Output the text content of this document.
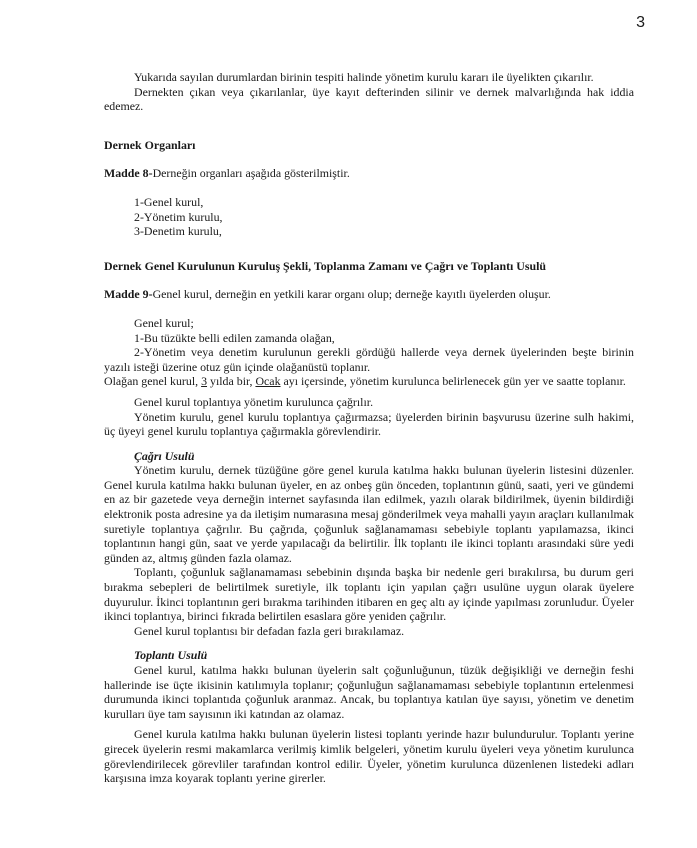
3

Yukarıda sayılan durumlardan birinin tespiti halinde yönetim kurulu kararı ile üyelikten çıkarılır.

Dernekten çıkan veya çıkarılanlar, üye kayıt defterinden silinir ve dernek malvarlığında hak iddia edemez.

Dernek Organları

Madde 8-Derneğin organları aşağıda gösterilmiştir.

1-Genel kurul,
2-Yönetim kurulu,
3-Denetim kurulu,

Dernek Genel Kurulunun Kuruluş Şekli, Toplanma Zamanı ve Çağrı ve Toplantı Usulü

Madde 9-Genel kurul, derneğin en yetkili karar organı olup; derneğe kayıtlı üyelerden oluşur.

Genel kurul;

1-Bu tüzükte belli edilen zamanda olağan,

2-Yönetim veya denetim kurulunun gerekli gördüğü hallerde veya dernek üyelerinden beşte birinin yazılı isteği üzerine otuz gün içinde olağanüstü toplanır.

Olağan genel kurul, 3 yılda bir, Ocak ayı içersinde, yönetim kurulunca belirlenecek gün yer ve saatte toplanır.

Genel kurul toplantıya yönetim kurulunca çağrılır.

Yönetim kurulu, genel kurulu toplantıya çağırmazsa; üyelerden birinin başvurusu üzerine sulh hakimi, üç üyeyi genel kurulu toplantıya çağırmakla görevlendirir.

Çağrı Usulü

Yönetim kurulu, dernek tüzüğüne göre genel kurula katılma hakkı bulunan üyelerin listesini düzenler. Genel kurula katılma hakkı bulunan üyeler, en az onbeş gün önceden, toplantının günü, saati, yeri ve gündemi en az bir gazetede veya derneğin internet sayfasında ilan edilmek, yazılı olarak bildirilmek, üyenin bildirdiği elektronik posta adresine ya da iletişim numarasına mesaj gönderilmek veya mahalli yayın araçları kullanılmak suretiyle toplantıya çağrılır. Bu çağrıda, çoğunluk sağlanamaması sebebiyle toplantı yapılamazsa, ikinci toplantının hangi gün, saat ve yerde yapılacağı da belirtilir. İlk toplantı ile ikinci toplantı arasındaki süre yedi günden az, altmış günden fazla olamaz.

Toplantı, çoğunluk sağlanamaması sebebinin dışında başka bir nedenle geri bırakılırsa, bu durum geri bırakma sebepleri de belirtilmek suretiyle, ilk toplantı için yapılan çağrı usulüne uygun olarak üyelere duyurulur. İkinci toplantının geri bırakma tarihinden itibaren en geç altı ay içinde yapılması zorunludur. Üyeler ikinci toplantıya, birinci fıkrada belirtilen esaslara göre yeniden çağrılır.

Genel kurul toplantısı bir defadan fazla geri bırakılamaz.

Toplantı Usulü

Genel kurul, katılma hakkı bulunan üyelerin salt çoğunluğunun, tüzük değişikliği ve derneğin feshi hallerinde ise üçte ikisinin katılımıyla toplanır; çoğunluğun sağlanamaması sebebiyle toplantının ertelenmesi durumunda ikinci toplantıda çoğunluk aranmaz. Ancak, bu toplantıya katılan üye sayısı, yönetim ve denetim kurulları üye tam sayısının iki katından az olamaz.

Genel kurula katılma hakkı bulunan üyelerin listesi toplantı yerinde hazır bulundurulur. Toplantı yerine girecek üyelerin resmi makamlarca verilmiş kimlik belgeleri, yönetim kurulu üyeleri veya yönetim kurulunca görevlendirilecek görevliler tarafından kontrol edilir. Üyeler, yönetim kurulunca düzenlenen listedeki adları karşısına imza koyarak toplantı yerine girerler.
